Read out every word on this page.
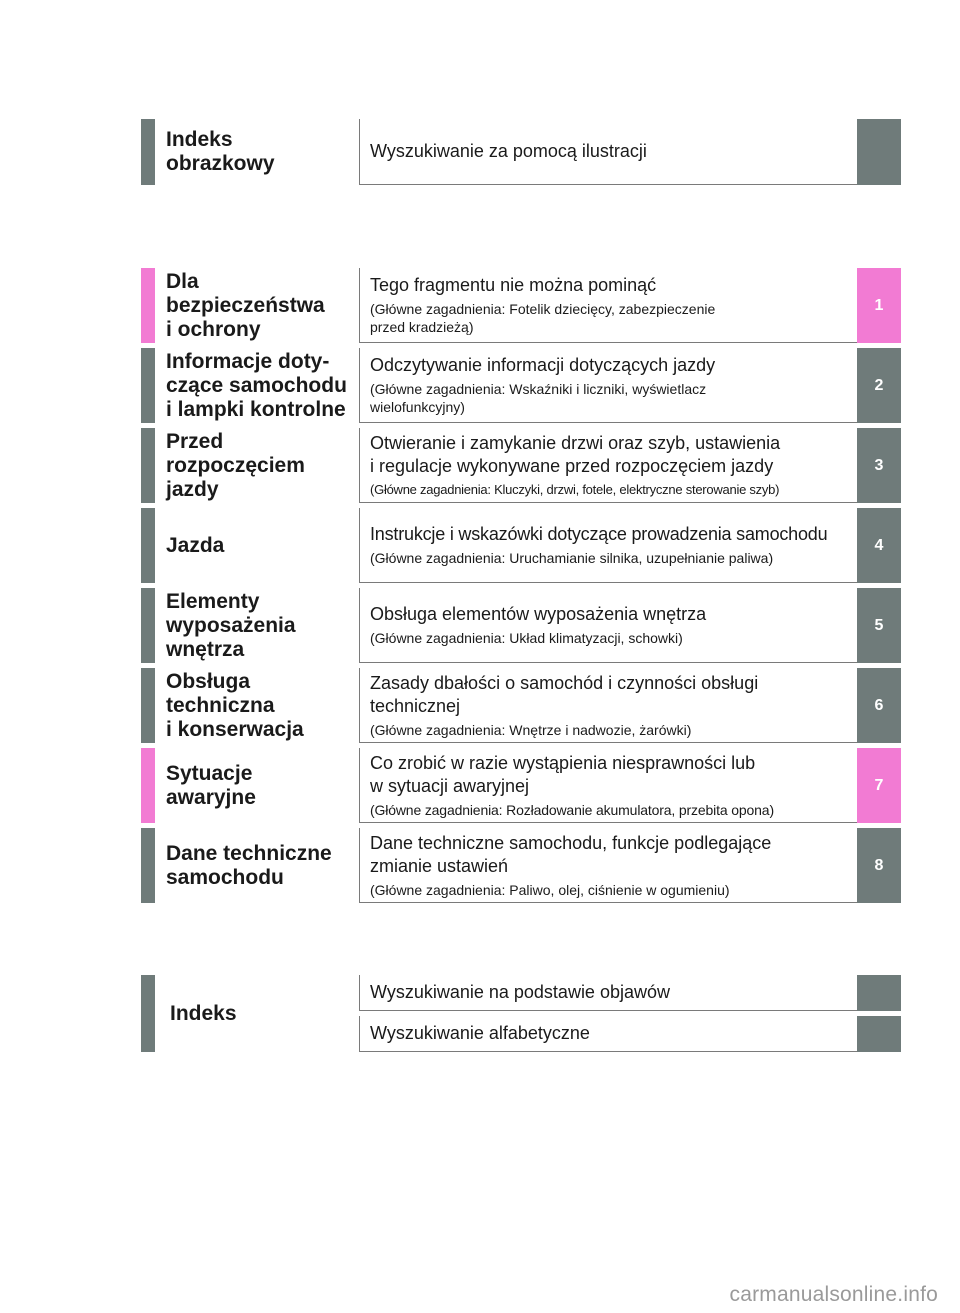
Indeks
obrazkowy
Wyszukiwanie za pomocą ilustracji
Dla
bezpieczeństwa
i ochrony
Tego fragmentu nie można pominąć
(Główne zagadnienia: Fotelik dziecięcy, zabezpieczenie
przed kradzieżą)
1
Informacje doty-
czące samochodu
i lampki kontrolne
Odczytywanie informacji dotyczących jazdy
(Główne zagadnienia: Wskaźniki i liczniki, wyświetlacz
wielofunkcyjny)
2
Przed
rozpoczęciem
jazdy
Otwieranie i zamykanie drzwi oraz szyb, ustawienia
i regulacje wykonywane przed rozpoczęciem jazdy
(Główne zagadnienia: Kluczyki, drzwi, fotele, elektryczne sterowanie szyb)
3
Jazda	Instrukcje i wskazówki dotyczące prowadzenia samochodu
(Główne zagadnienia: Uruchamianie silnika, uzupełnianie paliwa)
4
Elementy
wyposażenia
wnętrza
Obsługa elementów wyposażenia wnętrza
(Główne zagadnienia: Układ klimatyzacji, schowki)
5
Obsługa
techniczna
i konserwacja
Zasady dbałości o samochód i czynności obsługi
technicznej
(Główne zagadnienia: Wnętrze i nadwozie, żarówki)
6
Sytuacje
awaryjne
Co zrobić w razie wystąpienia niesprawności lub
w sytuacji awaryjnej
(Główne zagadnienia: Rozładowanie akumulatora, przebita opona)
7
Dane techniczne
samochodu
Dane techniczne samochodu, funkcje podlegające
zmianie ustawień
(Główne zagadnienia: Paliwo, olej, ciśnienie w ogumieniu)
8
Indeks
Wyszukiwanie na podstawie objawów
Wyszukiwanie alfabetyczne
carmanualsonline.info
